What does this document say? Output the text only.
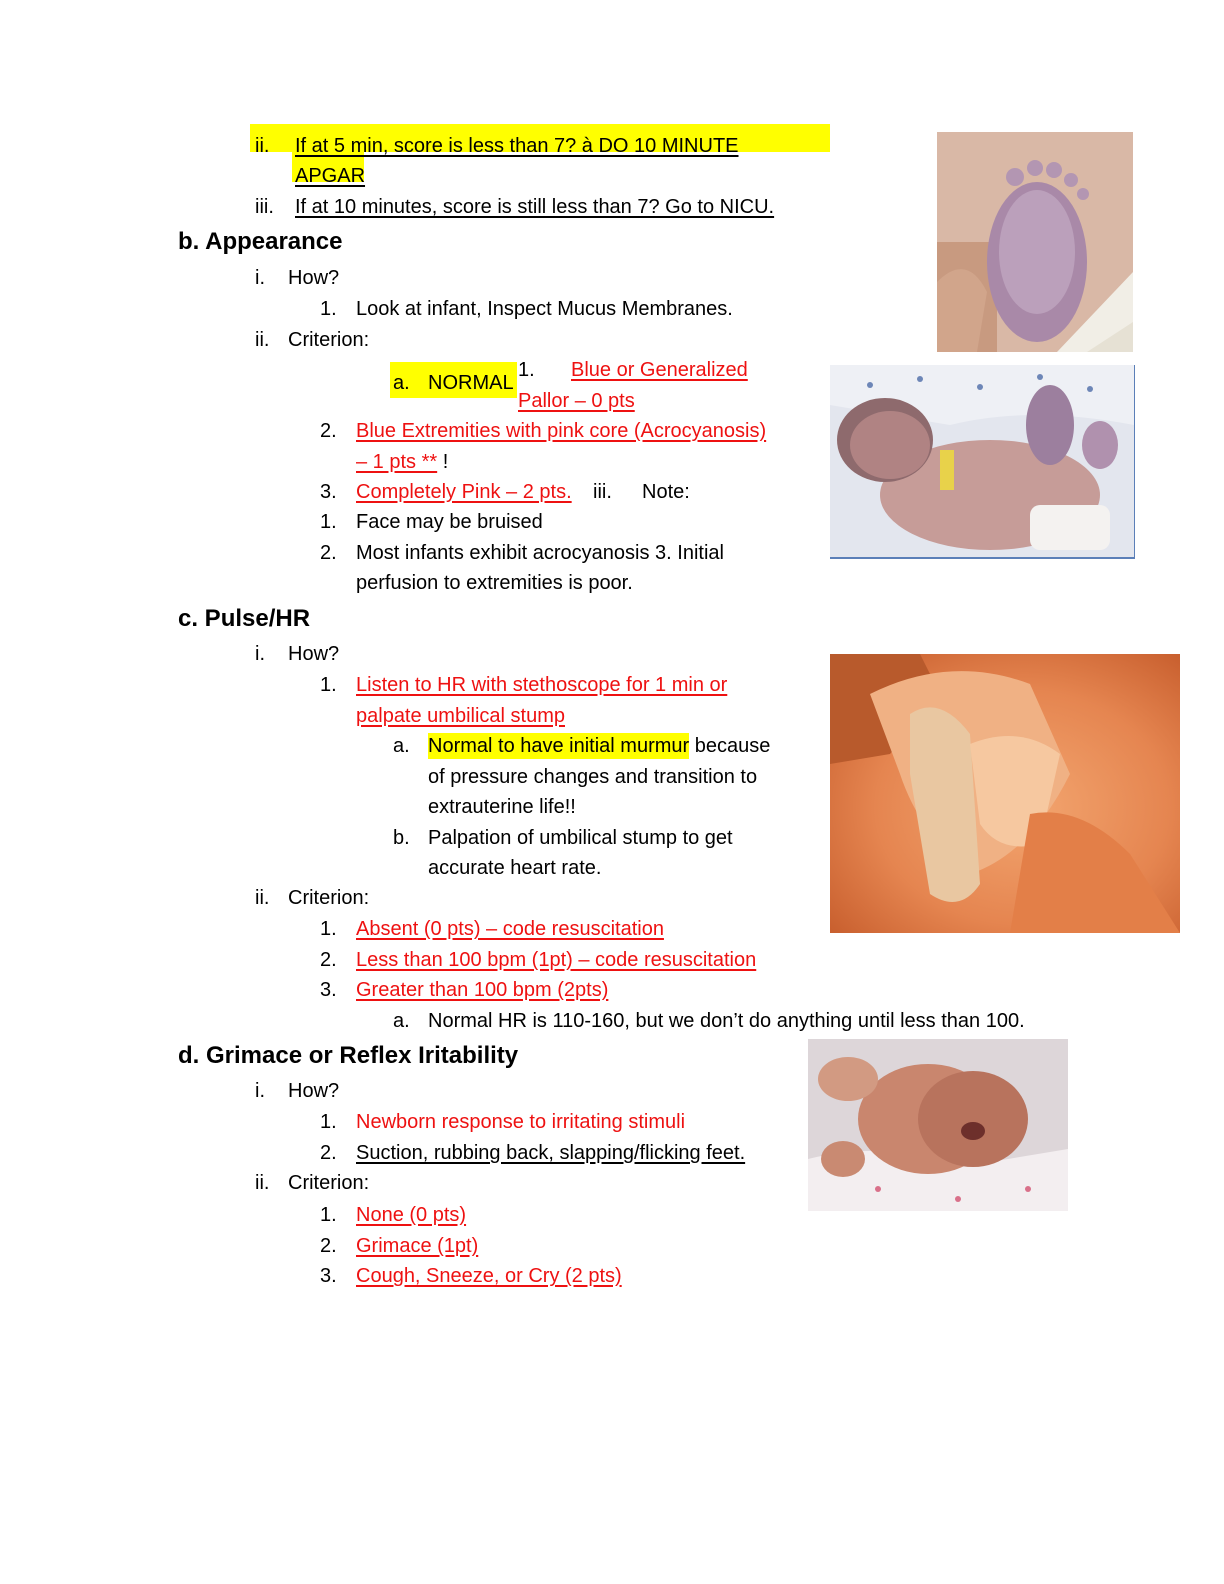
ii. If at 5 min, score is less than 7? à DO 10 MINUTE
APGAR
iii. If at 10 minutes, score is still less than 7? Go to NICU.
b. Appearance
i. How?
1. Look at infant, Inspect Mucus Membranes.
ii. Criterion:
a. NORMAL
1. Blue or Generalized
Pallor – 0 pts
2. Blue Extremities with pink core (Acrocyanosis)
– 1 pts ** !
3. Completely Pink – 2 pts. iii. Note:
1. Face may be bruised
2. Most infants exhibit acrocyanosis 3. Initial
perfusion to extremities is poor.
c. Pulse/HR
i. How?
1. Listen to HR with stethoscope for 1 min or
palpate umbilical stump
a. Normal to have initial murmur because
of pressure changes and transition to
extrauterine life!!
b. Palpation of umbilical stump to get
accurate heart rate.
ii. Criterion:
1. Absent (0 pts) – code resuscitation
2. Less than 100 bpm (1pt) – code resuscitation
3. Greater than 100 bpm (2pts)
a. Normal HR is 110-160, but we don’t do anything until less than 100.
d. Grimace or Reflex Iritability
i. How?
1. Newborn response to irritating stimuli
2. Suction, rubbing back, slapping/flicking feet.
ii. Criterion:
1. None (0 pts)
2. Grimace (1pt)
3. Cough, Sneeze, or Cry (2 pts)
